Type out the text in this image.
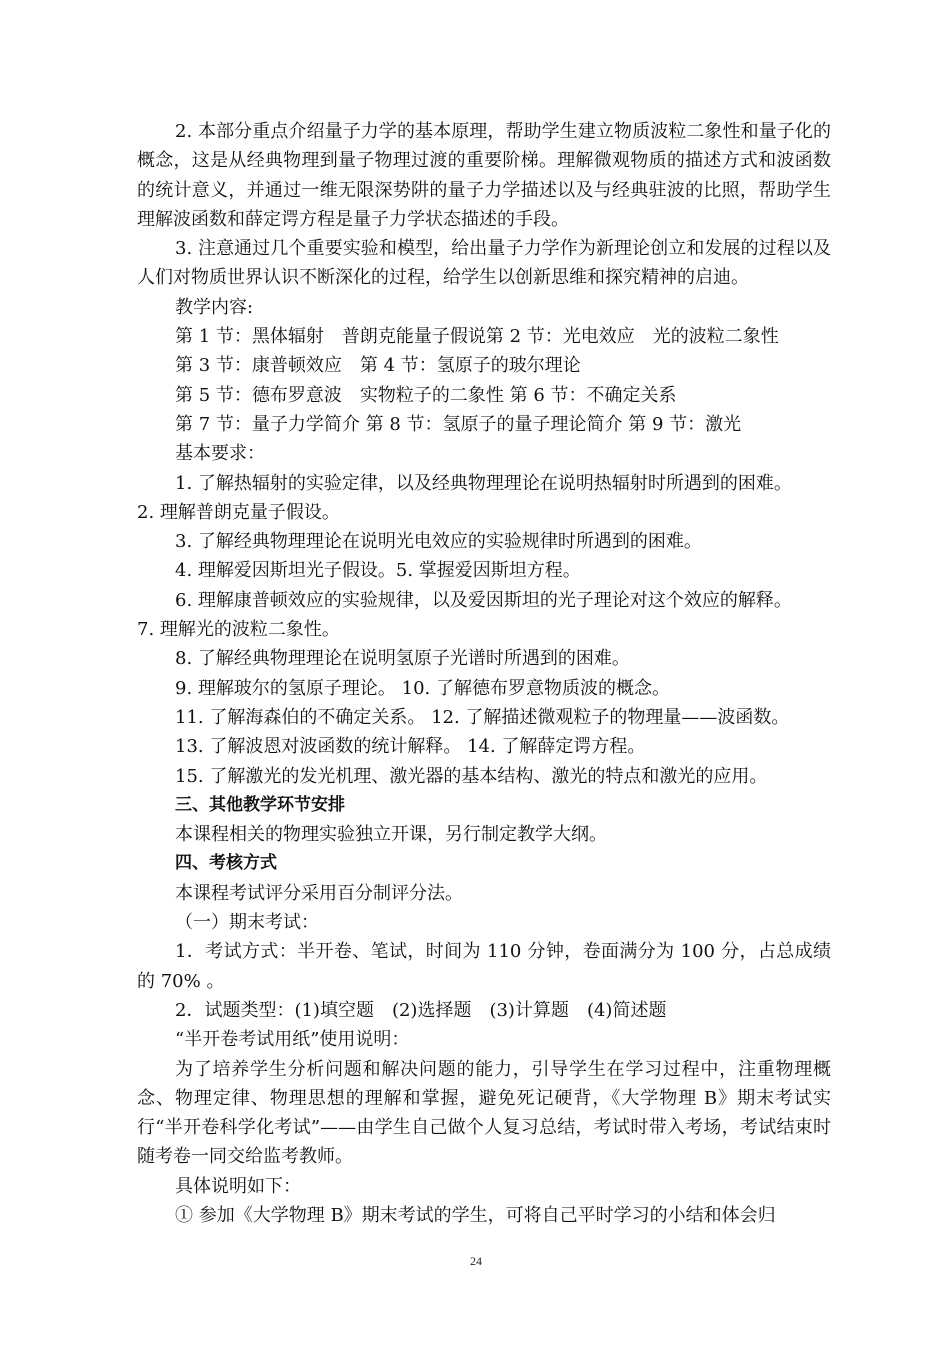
2. 本部分重点介绍量子力学的基本原理，帮助学生建立物质波粒二象性和量子化的概念，这是从经典物理到量子物理过渡的重要阶梯。理解微观物质的描述方式和波函数的统计意义，并通过一维无限深势阱的量子力学描述以及与经典驻波的比照，帮助学生理解波函数和薛定谔方程是量子力学状态描述的手段。

3. 注意通过几个重要实验和模型，给出量子力学作为新理论创立和发展的过程以及人们对物质世界认识不断深化的过程，给学生以创新思维和探究精神的启迪。

教学内容:

第 1 节：黑体辐射　普朗克能量子假说第 2 节：光电效应　光的波粒二象性

第 3 节：康普顿效应　第 4 节：氢原子的玻尔理论

第 5 节：德布罗意波　实物粒子的二象性 第 6 节：不确定关系

第 7 节：量子力学简介 第 8 节：氢原子的量子理论简介 第 9 节：激光

基本要求：

1. 了解热辐射的实验定律，以及经典物理理论在说明热辐射时所遇到的困难。

2. 理解普朗克量子假设。

3. 了解经典物理理论在说明光电效应的实验规律时所遇到的困难。

4. 理解爱因斯坦光子假设。5. 掌握爱因斯坦方程。

6. 理解康普顿效应的实验规律，以及爱因斯坦的光子理论对这个效应的解释。

7. 理解光的波粒二象性。

8. 了解经典物理理论在说明氢原子光谱时所遇到的困难。

9. 理解玻尔的氢原子理论。 10. 了解德布罗意物质波的概念。

11. 了解海森伯的不确定关系。 12. 了解描述微观粒子的物理量——波函数。

13. 了解波恩对波函数的统计解释。 14. 了解薛定谔方程。

15. 了解激光的发光机理、激光器的基本结构、激光的特点和激光的应用。

三、其他教学环节安排

本课程相关的物理实验独立开课，另行制定教学大纲。

四、考核方式

本课程考试评分采用百分制评分法。

（一）期末考试：

1．考试方式：半开卷、笔试，时间为 110 分钟，卷面满分为 100 分，占总成绩的 70% 。

2．试题类型：(1)填空题　(2)选择题　(3)计算题　(4)简述题

“半开卷考试用纸”使用说明：

为了培养学生分析问题和解决问题的能力，引导学生在学习过程中，注重物理概念、物理定律、物理思想的理解和掌握，避免死记硬背，《大学物理 B》期末考试实行“半开卷科学化考试”——由学生自己做个人复习总结，考试时带入考场，考试结束时随考卷一同交给监考教师。

具体说明如下：

① 参加《大学物理 B》期末考试的学生，可将自己平时学习的小结和体会归

24
